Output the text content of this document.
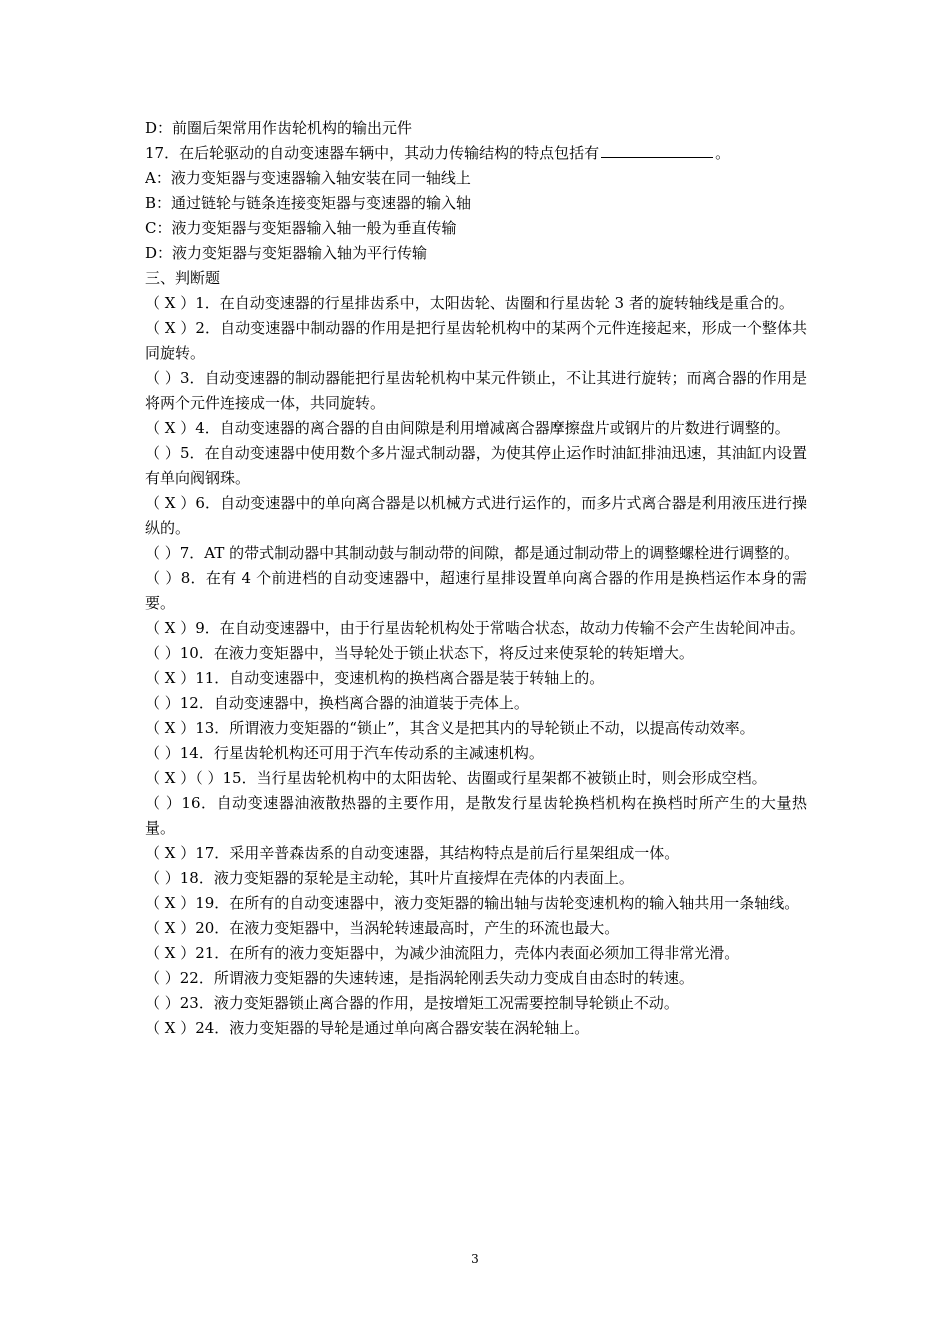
D：前圈后架常用作齿轮机构的输出元件
17．在后轮驱动的自动变速器车辆中，其动力传输结构的特点包括有	。
A：液力变矩器与变速器输入轴安装在同一轴线上
B：通过链轮与链条连接变矩器与变速器的输入轴
C：液力变矩器与变矩器输入轴一般为垂直传输
D：液力变矩器与变矩器输入轴为平行传输
三、判断题
（ X ）1．在自动变速器的行星排齿系中，太阳齿轮、齿圈和行星齿轮 3 者的旋转轴线是重合的。
（ X ）2．自动变速器中制动器的作用是把行星齿轮机构中的某两个元件连接起来，形成一个整体共同旋转。
（ ）3．自动变速器的制动器能把行星齿轮机构中某元件锁止，不让其进行旋转；而离合器的作用是将两个元件连接成一体，共同旋转。
（ X ）4．自动变速器的离合器的自由间隙是利用增减离合器摩擦盘片或钢片的片数进行调整的。
（ ）5．在自动变速器中使用数个多片湿式制动器，为使其停止运作时油缸排油迅速，其油缸内设置有单向阀钢珠。
（ X ）6．自动变速器中的单向离合器是以机械方式进行运作的，而多片式离合器是利用液压进行操纵的。
（ ）7．AT 的带式制动器中其制动鼓与制动带的间隙，都是通过制动带上的调整螺栓进行调整的。
（ ）8．在有 4 个前进档的自动变速器中，超速行星排设置单向离合器的作用是换档运作本身的需要。
（ X ）9．在自动变速器中，由于行星齿轮机构处于常啮合状态，故动力传输不会产生齿轮间冲击。
（ ）10．在液力变矩器中，当导轮处于锁止状态下，将反过来使泵轮的转矩增大。
（ X ）11．自动变速器中，变速机构的换档离合器是装于转轴上的。
（ ）12．自动变速器中，换档离合器的油道装于壳体上。
（ X ）13．所谓液力变矩器的“锁止”，其含义是把其内的导轮锁止不动，以提高传动效率。
（ ）14．行星齿轮机构还可用于汽车传动系的主减速机构。
（ X ）（ ）15．当行星齿轮机构中的太阳齿轮、齿圈或行星架都不被锁止时，则会形成空档。
（ ）16．自动变速器油液散热器的主要作用，是散发行星齿轮换档机构在换档时所产生的大量热量。
（ X ）17．采用辛普森齿系的自动变速器，其结构特点是前后行星架组成一体。
（ ）18．液力变矩器的泵轮是主动轮，其叶片直接焊在壳体的内表面上。
（ X ）19．在所有的自动变速器中，液力变矩器的输出轴与齿轮变速机构的输入轴共用一条轴线。
（ X ）20．在液力变矩器中，当涡轮转速最高时，产生的环流也最大。
（ X ）21．在所有的液力变矩器中，为减少油流阻力，壳体内表面必须加工得非常光滑。
（ ）22．所谓液力变矩器的失速转速，是指涡轮刚丢失动力变成自由态时的转速。
（ ）23．液力变矩器锁止离合器的作用，是按增矩工况需要控制导轮锁止不动。
（ X ）24．液力变矩器的导轮是通过单向离合器安装在涡轮轴上。
3
